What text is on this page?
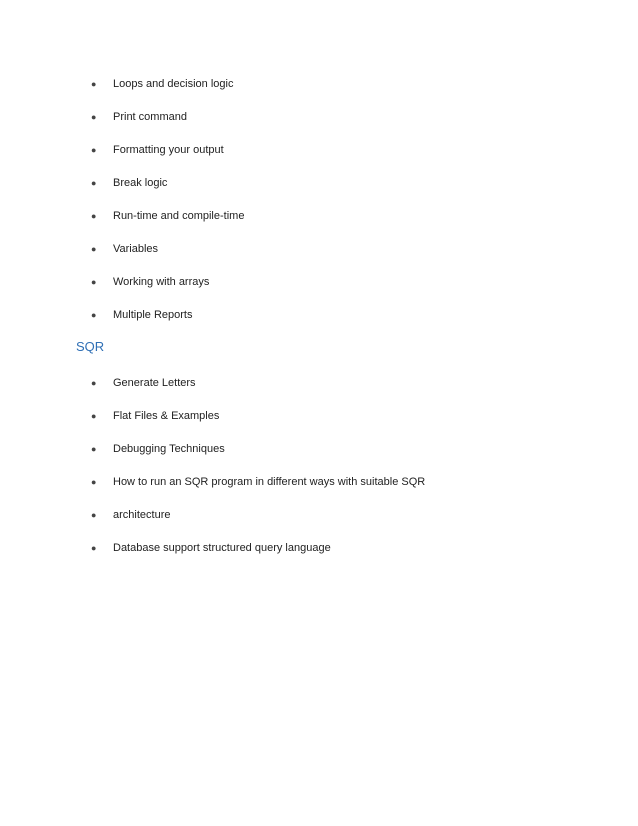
●	Loops and decision logic
●	Print command
●	Formatting your output
●	Break logic
●	Run-time and compile-time
●	Variables
●	Working with arrays
●	Multiple Reports
SQR
●	Generate Letters
●	Flat Files & Examples
●	Debugging Techniques
●	How to run an SQR program in different ways with suitable SQR
●	architecture
●	Database support structured query language
